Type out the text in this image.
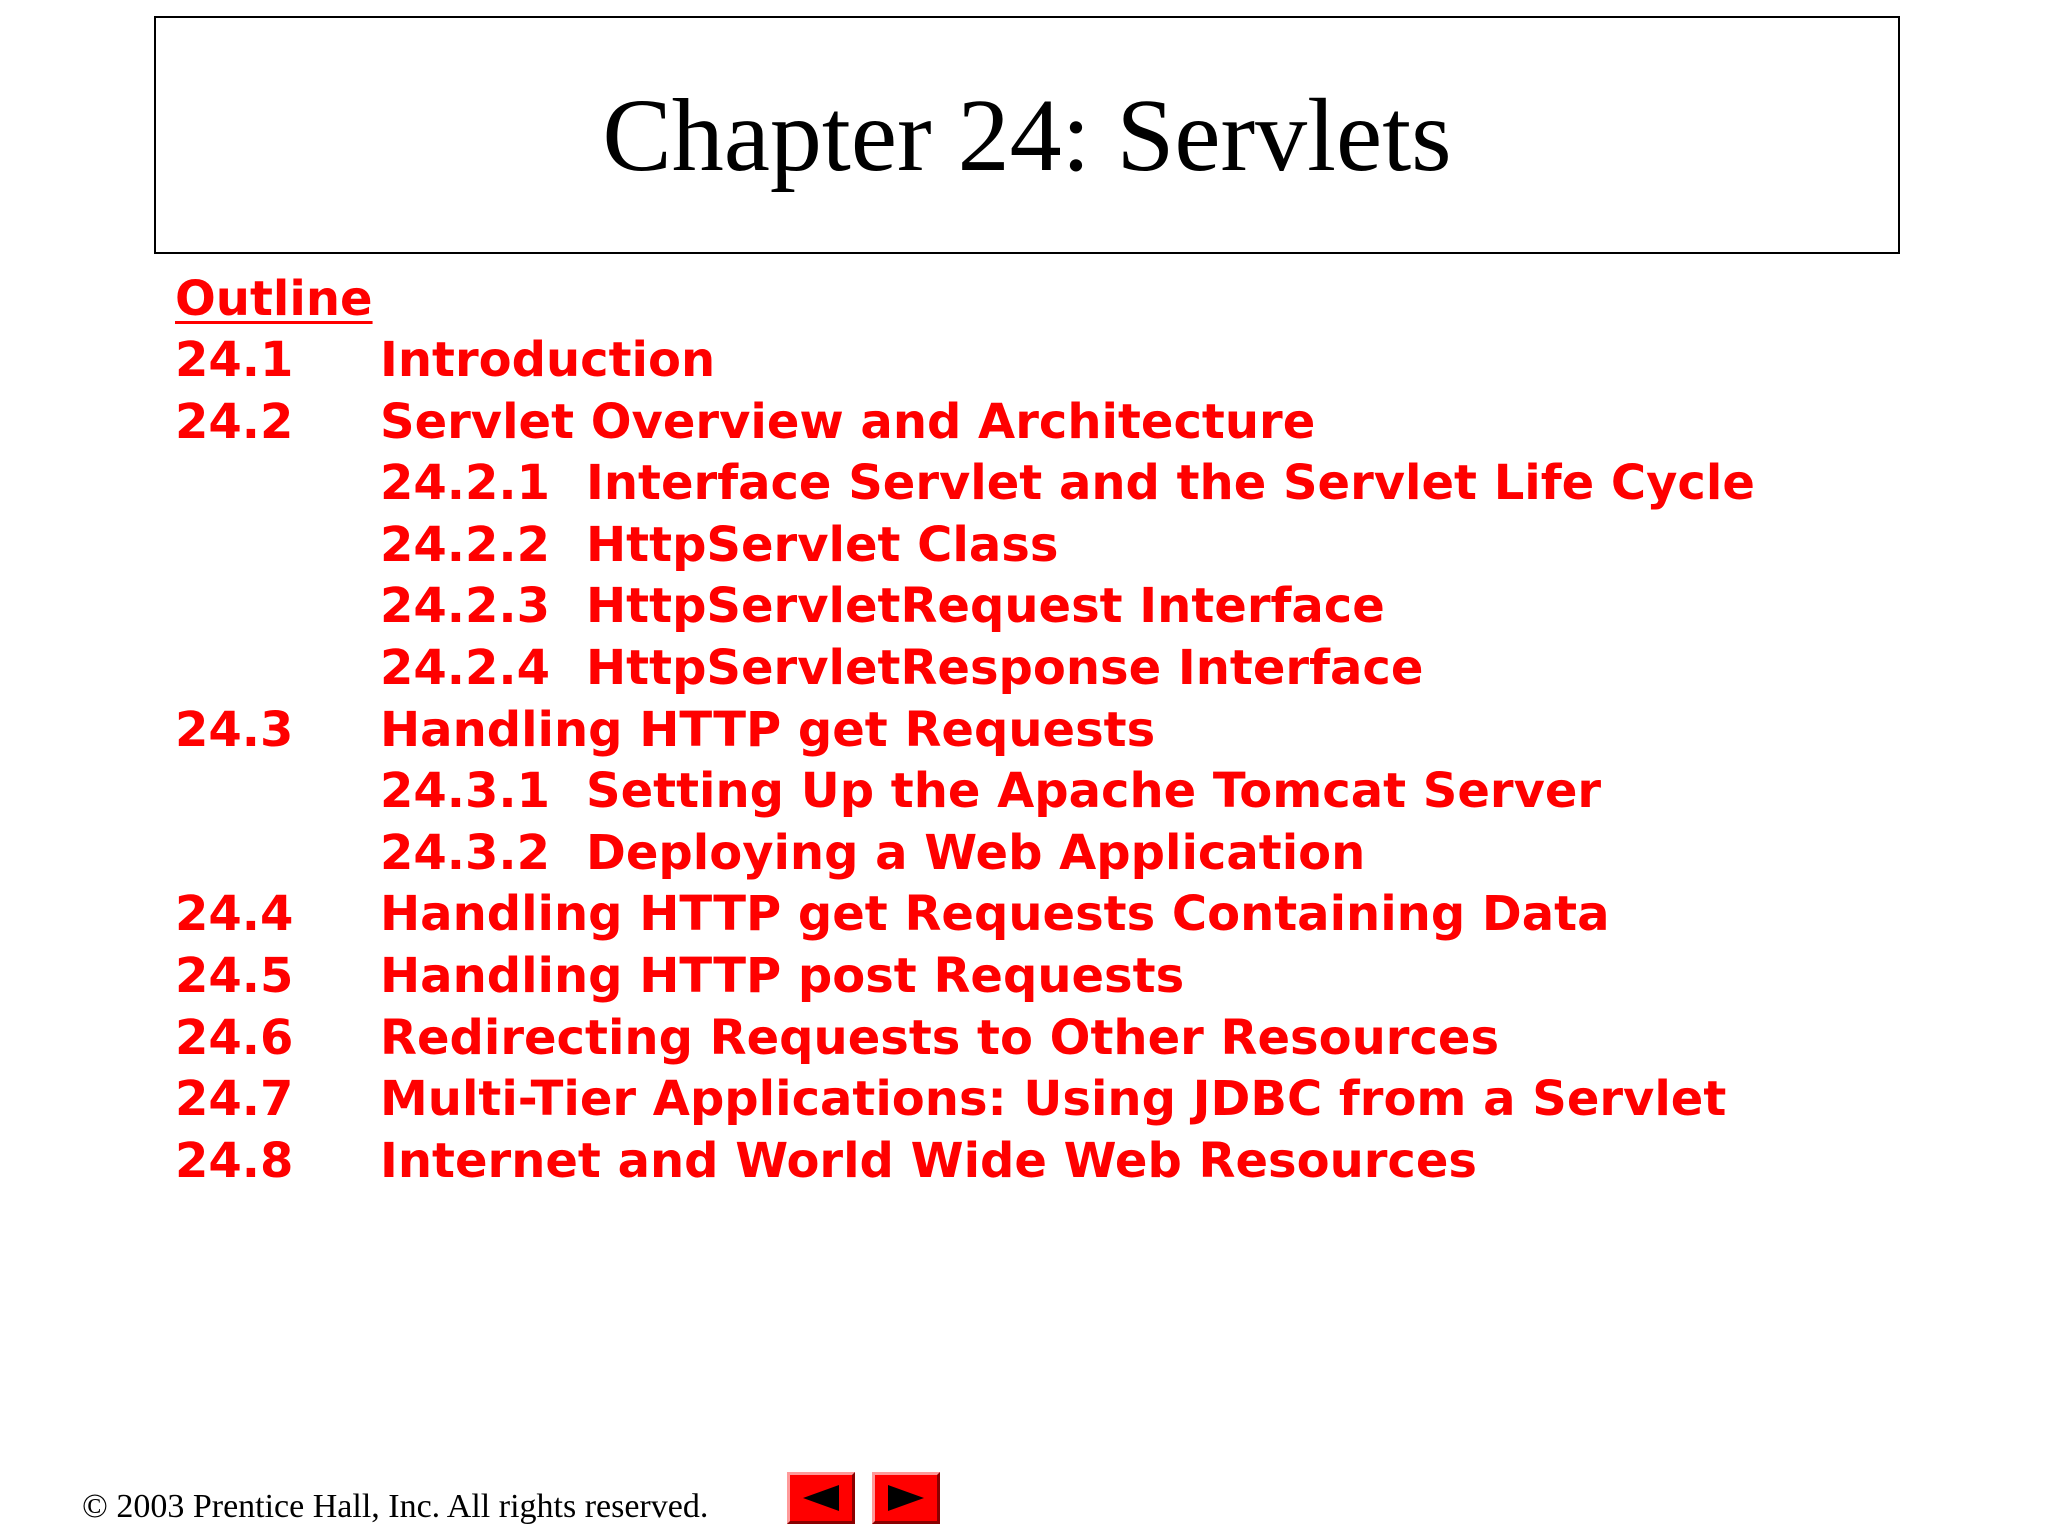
Chapter 24: Servlets
Outline
24.1 Introduction
24.2 Servlet Overview and Architecture
24.2.1 Interface Servlet and the Servlet Life Cycle
24.2.2 HttpServlet Class
24.2.3 HttpServletRequest Interface
24.2.4 HttpServletResponse Interface
24.3 Handling HTTP get Requests
24.3.1 Setting Up the Apache Tomcat Server
24.3.2 Deploying a Web Application
24.4 Handling HTTP get Requests Containing Data
24.5 Handling HTTP post Requests
24.6 Redirecting Requests to Other Resources
24.7 Multi-Tier Applications: Using JDBC from a Servlet
24.8 Internet and World Wide Web Resources
© 2003 Prentice Hall, Inc. All rights reserved.
